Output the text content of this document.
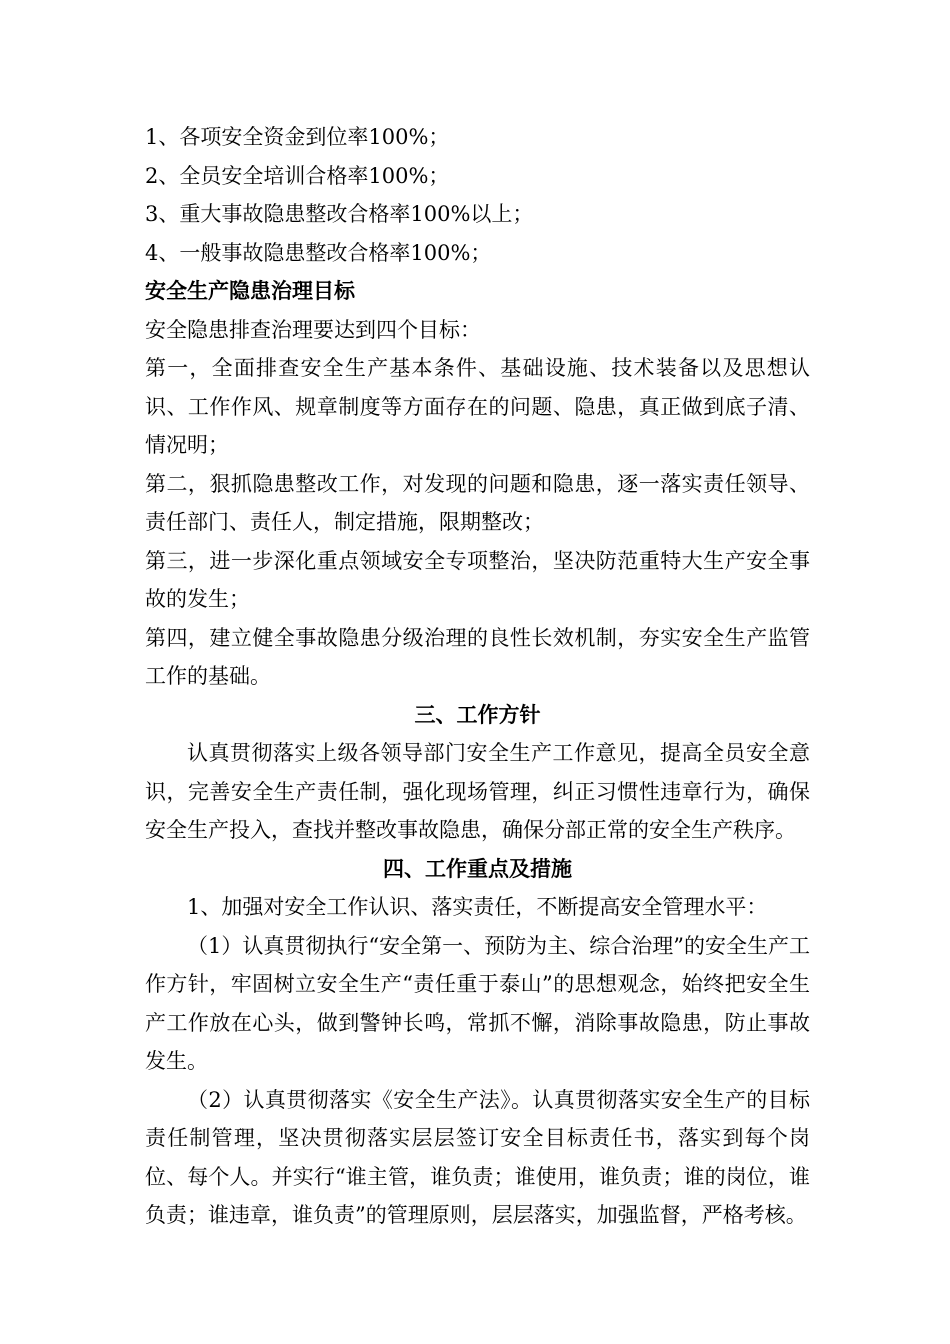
1、各项安全资金到位率100%；
2、全员安全培训合格率100%；
3、重大事故隐患整改合格率100%以上；
4、一般事故隐患整改合格率100%；
安全生产隐患治理目标
安全隐患排查治理要达到四个目标：
第一，全面排查安全生产基本条件、基础设施、技术装备以及思想认识、工作作风、规章制度等方面存在的问题、隐患，真正做到底子清、情况明；
第二，狠抓隐患整改工作，对发现的问题和隐患，逐一落实责任领导、责任部门、责任人，制定措施，限期整改；
第三，进一步深化重点领域安全专项整治，坚决防范重特大生产安全事故的发生；
第四，建立健全事故隐患分级治理的良性长效机制，夯实安全生产监管工作的基础。
三、工作方针
认真贯彻落实上级各领导部门安全生产工作意见，提高全员安全意识，完善安全生产责任制，强化现场管理，纠正习惯性违章行为，确保安全生产投入，查找并整改事故隐患，确保分部正常的安全生产秩序。
四、工作重点及措施
1、加强对安全工作认识、落实责任，不断提高安全管理水平：
（1）认真贯彻执行“安全第一、预防为主、综合治理”的安全生产工作方针，牢固树立安全生产“责任重于泰山”的思想观念，始终把安全生产工作放在心头，做到警钟长鸣，常抓不懈，消除事故隐患，防止事故发生。
（2）认真贯彻落实《安全生产法》。认真贯彻落实安全生产的目标责任制管理，坚决贯彻落实层层签订安全目标责任书，落实到每个岗位、每个人。并实行“谁主管，谁负责；谁使用，谁负责；谁的岗位，谁负责；谁违章，谁负责”的管理原则，层层落实，加强监督，严格考核。
